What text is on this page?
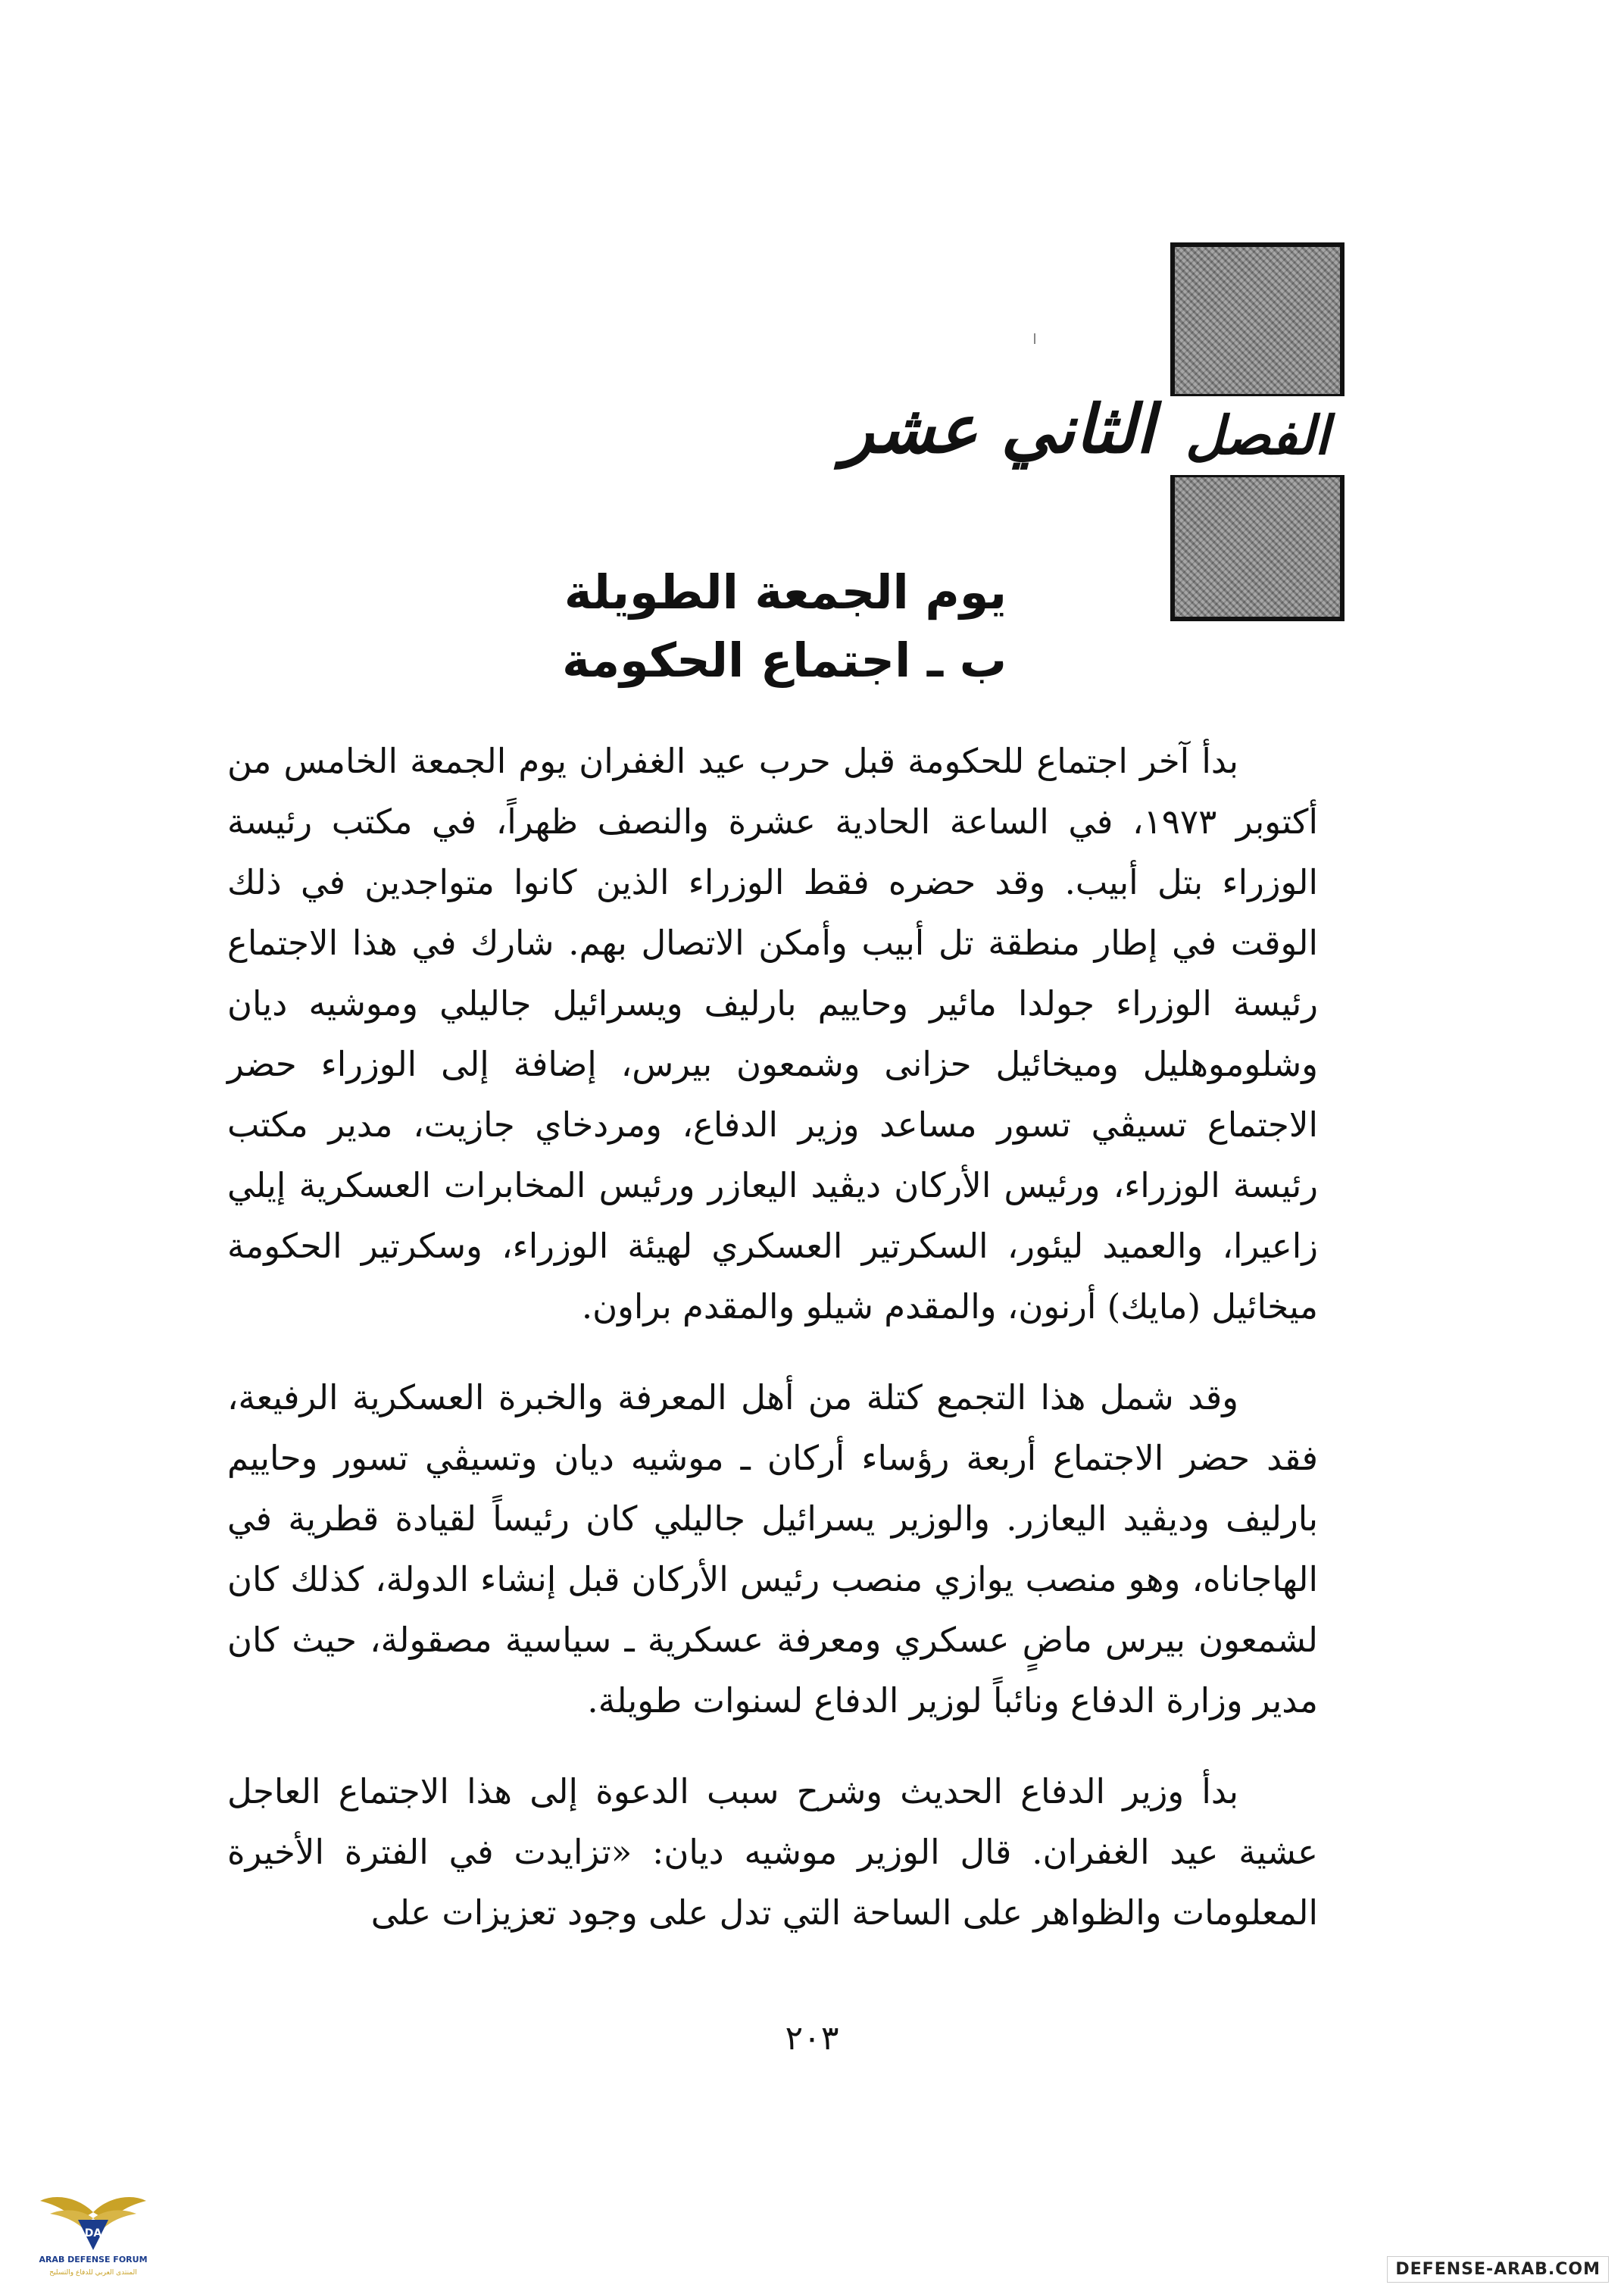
الفصل
الثاني عشر
يوم الجمعة الطويلة
ب ـ اجتماع الحكومة

بدأ آخر اجتماع للحكومة قبل حرب عيد الغفران يوم الجمعة الخامس من أكتوبر ١٩٧٣، في الساعة الحادية عشرة والنصف ظهراً، في مكتب رئيسة الوزراء بتل أبيب. وقد حضره فقط الوزراء الذين كانوا متواجدين في ذلك الوقت في إطار منطقة تل أبيب وأمكن الاتصال بهم. شارك في هذا الاجتماع رئيسة الوزراء جولدا مائير وحاييم بارليف ويسرائيل جاليلي وموشيه ديان وشلوموهليل وميخائيل حزانى وشمعون بيرس، إضافة إلى الوزراء حضر الاجتماع تسيڤي تسور مساعد وزير الدفاع، ومردخاي جازيت، مدير مكتب رئيسة الوزراء، ورئيس الأركان ديڤيد اليعازر ورئيس المخابرات العسكرية إيلي زاعيرا، والعميد ليئور، السكرتير العسكري لهيئة الوزراء، وسكرتير الحكومة ميخائيل (مايك) أرنون، والمقدم شيلو والمقدم براون.

وقد شمل هذا التجمع كتلة من أهل المعرفة والخبرة العسكرية الرفيعة، فقد حضر الاجتماع أربعة رؤساء أركان ـ موشيه ديان وتسيڤي تسور وحاييم بارليف وديڤيد اليعازر. والوزير يسرائيل جاليلي كان رئيساً لقيادة قطرية في الهاجاناه، وهو منصب يوازي منصب رئيس الأركان قبل إنشاء الدولة، كذلك كان لشمعون بيرس ماضٍ عسكري ومعرفة عسكرية ـ سياسية مصقولة، حيث كان مدير وزارة الدفاع ونائباً لوزير الدفاع لسنوات طويلة.

بدأ وزير الدفاع الحديث وشرح سبب الدعوة إلى هذا الاجتماع العاجل عشية عيد الغفران. قال الوزير موشيه ديان: «تزايدت في الفترة الأخيرة المعلومات والظواهر على الساحة التي تدل على وجود تعزيزات على

٢٠٣
DA
ARAB DEFENSE FORUM
المنتدى العربي للدفاع والتسليح	DEFENSE-ARAB.COM
